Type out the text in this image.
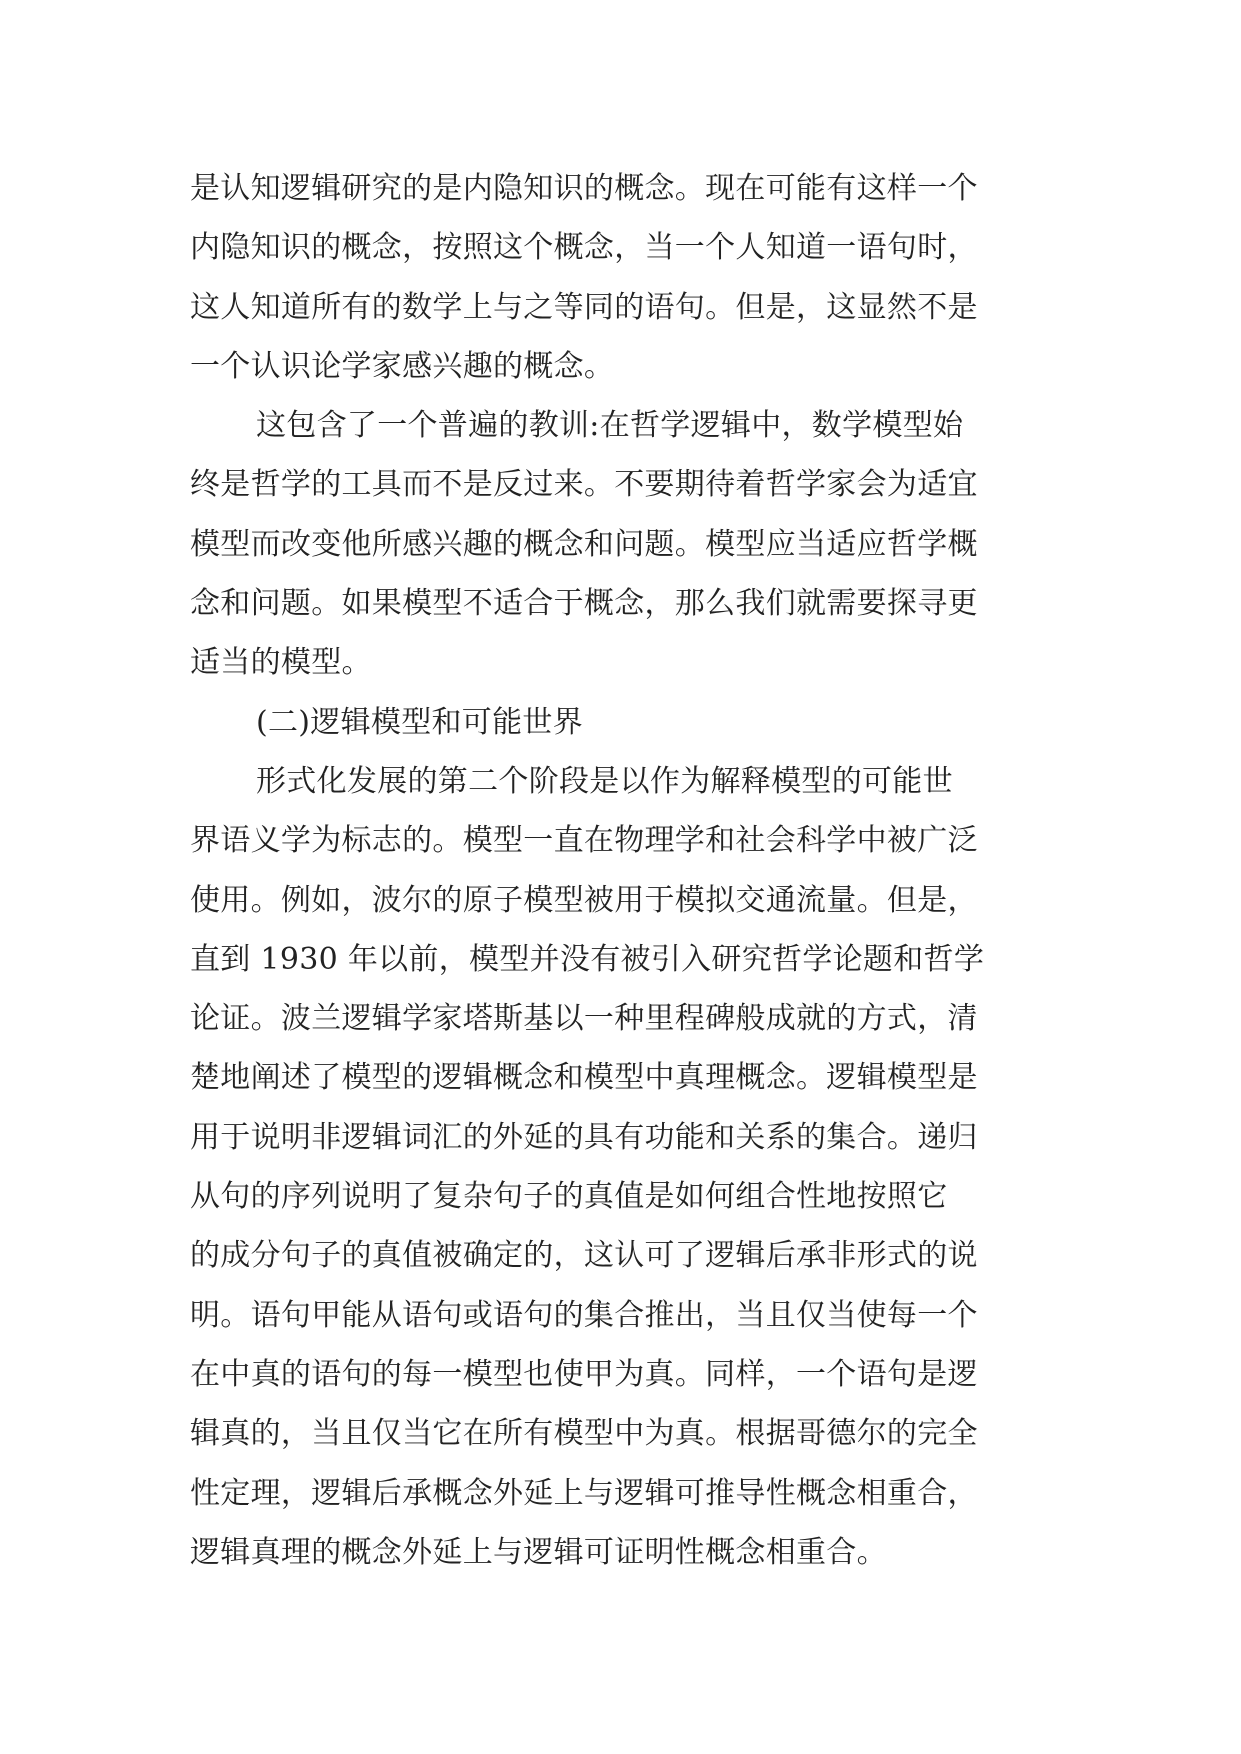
是认知逻辑研究的是内隐知识的概念。现在可能有这样一个
内隐知识的概念，按照这个概念，当一个人知道一语句时，
这人知道所有的数学上与之等同的语句。但是，这显然不是
一个认识论学家感兴趣的概念。
这包含了一个普遍的教训:在哲学逻辑中，数学模型始
终是哲学的工具而不是反过来。不要期待着哲学家会为适宜
模型而改变他所感兴趣的概念和问题。模型应当适应哲学概
念和问题。如果模型不适合于概念，那么我们就需要探寻更
适当的模型。
(二)逻辑模型和可能世界
形式化发展的第二个阶段是以作为解释模型的可能世
界语义学为标志的。模型一直在物理学和社会科学中被广泛
使用。例如，波尔的原子模型被用于模拟交通流量。但是，
直到 1930 年以前，模型并没有被引入研究哲学论题和哲学
论证。波兰逻辑学家塔斯基以一种里程碑般成就的方式，清
楚地阐述了模型的逻辑概念和模型中真理概念。逻辑模型是
用于说明非逻辑词汇的外延的具有功能和关系的集合。递归
从句的序列说明了复杂句子的真值是如何组合性地按照它
的成分句子的真值被确定的，这认可了逻辑后承非形式的说
明。语句甲能从语句或语句的集合推出，当且仅当使每一个
在中真的语句的每一模型也使甲为真。同样，一个语句是逻
辑真的，当且仅当它在所有模型中为真。根据哥德尔的完全
性定理，逻辑后承概念外延上与逻辑可推导性概念相重合，
逻辑真理的概念外延上与逻辑可证明性概念相重合。
